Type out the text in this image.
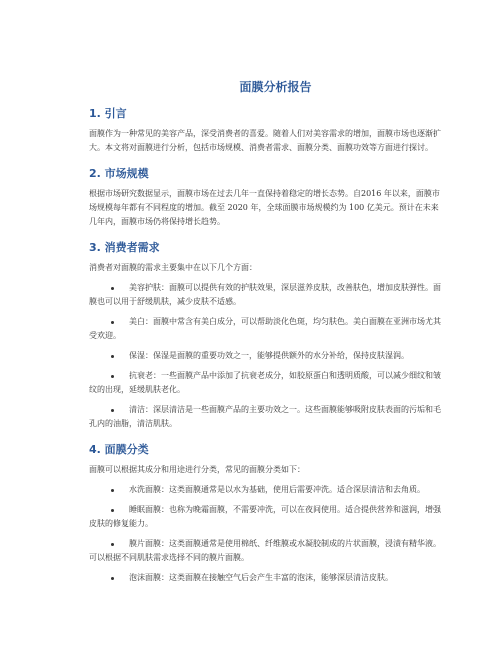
面膜分析报告
1. 引言
面膜作为一种常见的美容产品，深受消费者的喜爱。随着人们对美容需求的增加，面膜市场也逐渐扩大。本文将对面膜进行分析，包括市场规模、消费者需求、面膜分类、面膜功效等方面进行探讨。
2. 市场规模
根据市场研究数据显示，面膜市场在过去几年一直保持着稳定的增长态势。自2016 年以来，面膜市场规模每年都有不同程度的增加。截至 2020 年，全球面膜市场规模约为 100 亿美元。预计在未来几年内，面膜市场仍将保持增长趋势。
3. 消费者需求
消费者对面膜的需求主要集中在以下几个方面：
美容护肤：面膜可以提供有效的护肤效果，深层滋养皮肤，改善肤色，增加皮肤弹性。面膜也可以用于舒缓肌肤，减少皮肤不适感。
美白：面膜中常含有美白成分，可以帮助淡化色斑，均匀肤色。美白面膜在亚洲市场尤其受欢迎。
保湿：保湿是面膜的重要功效之一，能够提供额外的水分补给，保持皮肤湿润。
抗衰老：一些面膜产品中添加了抗衰老成分，如胶原蛋白和透明质酸，可以减少细纹和皱纹的出现，延缓肌肤老化。
清洁：深层清洁是一些面膜产品的主要功效之一。这些面膜能够吸附皮肤表面的污垢和毛孔内的油脂，清洁肌肤。
4. 面膜分类
面膜可以根据其成分和用途进行分类，常见的面膜分类如下：
水洗面膜：这类面膜通常是以水为基础，使用后需要冲洗。适合深层清洁和去角质。
睡眠面膜：也称为晚霜面膜，不需要冲洗，可以在夜间使用。适合提供营养和滋润，增强皮肤的修复能力。
膜片面膜：这类面膜通常是使用棉纸、纤维膜或水凝胶制成的片状面膜，浸渍有精华液。可以根据不同肌肤需求选择不同的膜片面膜。
泡沫面膜：这类面膜在接触空气后会产生丰富的泡沫，能够深层清洁皮肤。
